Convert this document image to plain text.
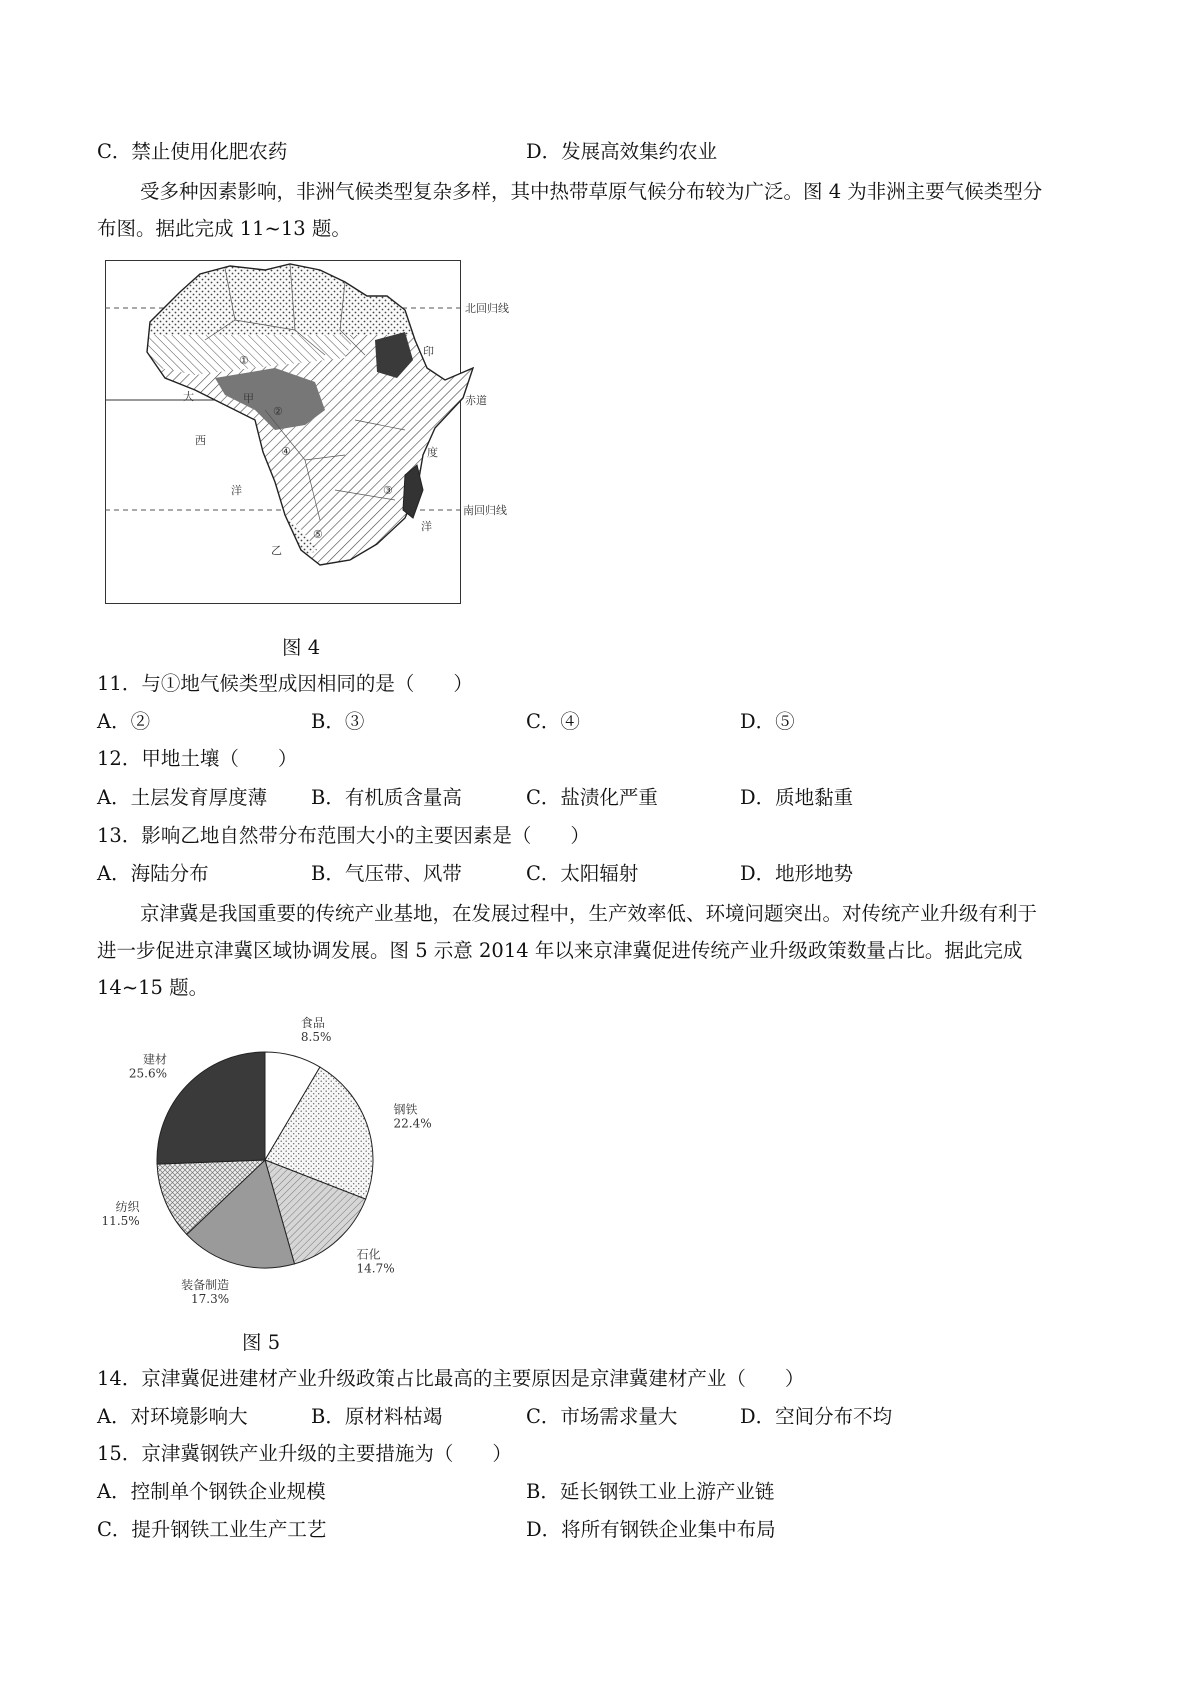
C．禁止使用化肥农药	D．发展高效集约农业
受多种因素影响，非洲气候类型复杂多样，其中热带草原气候分布较为广泛。图 4 为非洲主要气候类型分
布图。据此完成 11~13 题。
北回归线
赤道
南回归线
大
西
洋
印
度
洋
甲
乙
①
②
③
④
⑤
图 4
11．与①地气候类型成因相同的是（　　）
A．②	B．③	C．④	D．⑤
12．甲地土壤（　　）
A．土层发育厚度薄 B．有机质含量高	C．盐渍化严重	D．质地黏重
13．影响乙地自然带分布范围大小的主要因素是（　　）
A．海陆分布	B．气压带、风带	C．太阳辐射	D．地形地势
京津冀是我国重要的传统产业基地，在发展过程中，生产效率低、环境问题突出。对传统产业升级有利于
进一步促进京津冀区域协调发展。图 5 示意 2014 年以来京津冀促进传统产业升级政策数量占比。据此完成
14~15 题。
食品
8.5%
钢铁
22.4%
石化
14.7%
装备制造
17.3%
纺织
11.5%
建材
25.6%
图 5
14．京津冀促进建材产业升级政策占比最高的主要原因是京津冀建材产业（　　）
A．对环境影响大	B．原材料枯竭	C．市场需求量大	D．空间分布不均
15．京津冀钢铁产业升级的主要措施为（　　）
A．控制单个钢铁企业规模	B．延长钢铁工业上游产业链
C．提升钢铁工业生产工艺	D．将所有钢铁企业集中布局
